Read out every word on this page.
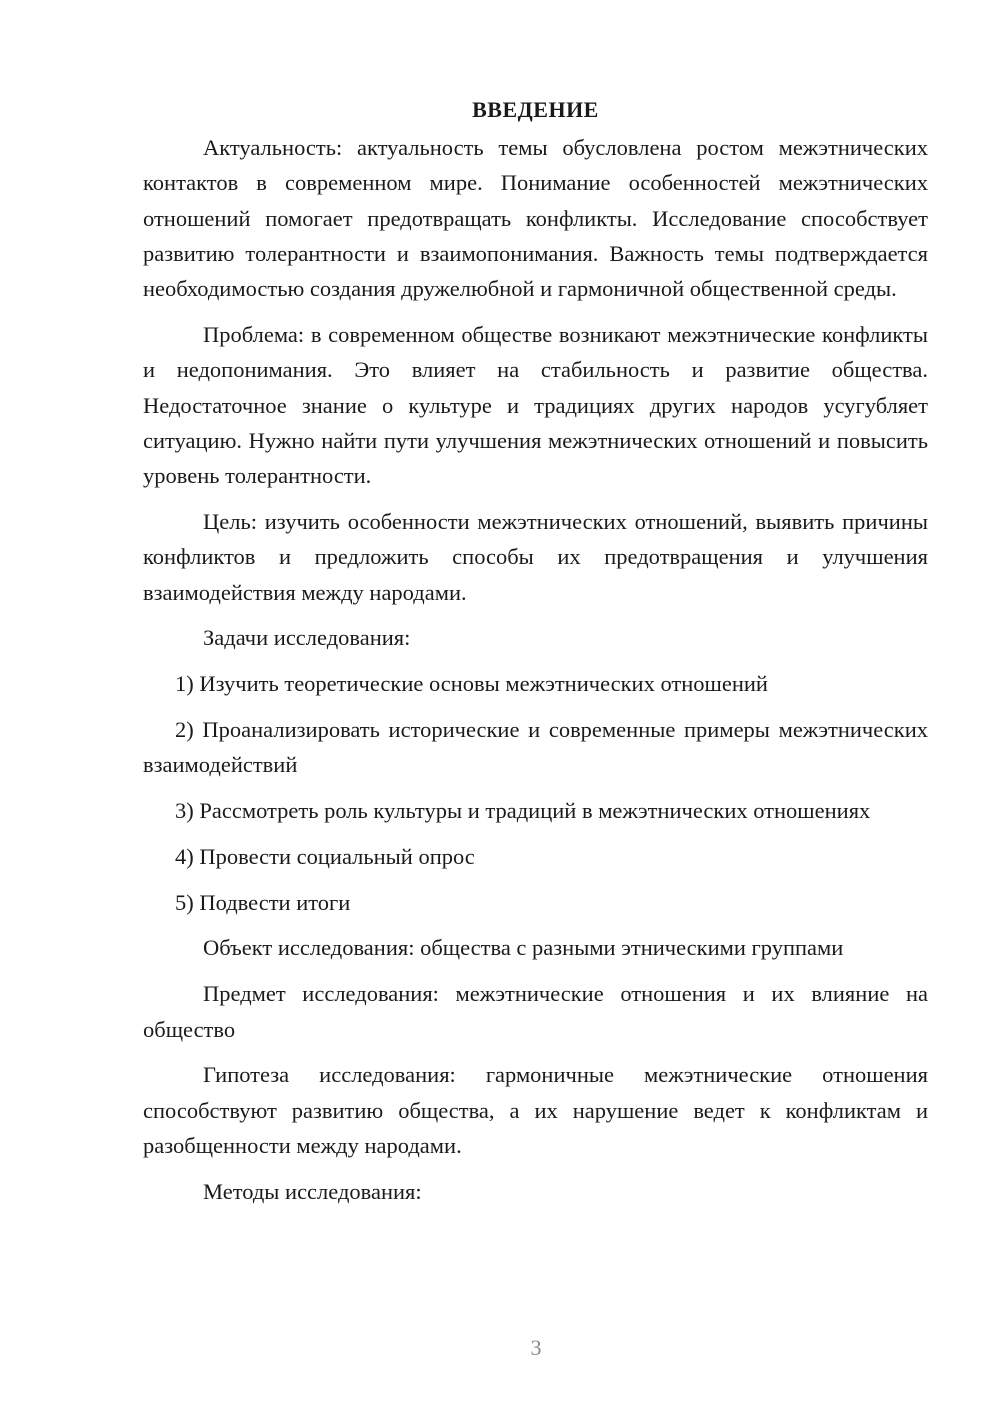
ВВЕДЕНИЕ

Актуальность: актуальность темы обусловлена ростом межэтнических контактов в современном мире. Понимание особенностей межэтнических отношений помогает предотвращать конфликты. Исследование способствует развитию толерантности и взаимопонимания. Важность темы подтверждается необходимостью создания дружелюбной и гармоничной общественной среды.

Проблема: в современном обществе возникают межэтнические конфликты и недопонимания. Это влияет на стабильность и развитие общества. Недостаточное знание о культуре и традициях других народов усугубляет ситуацию. Нужно найти пути улучшения межэтнических отношений и повысить уровень толерантности.

Цель: изучить особенности межэтнических отношений, выявить причины конфликтов и предложить способы их предотвращения и улучшения взаимодействия между народами.

Задачи исследования:

1) Изучить теоретические основы межэтнических отношений

2) Проанализировать исторические и современные примеры межэтнических взаимодействий

3) Рассмотреть роль культуры и традиций в межэтнических отношениях

4) Провести социальный опрос

5) Подвести итоги

Объект исследования: общества с разными этническими группами

Предмет исследования: межэтнические отношения и их влияние на общество

Гипотеза исследования: гармоничные межэтнические отношения способствуют развитию общества, а их нарушение ведет к конфликтам и разобщенности между народами.

Методы исследования:

3
